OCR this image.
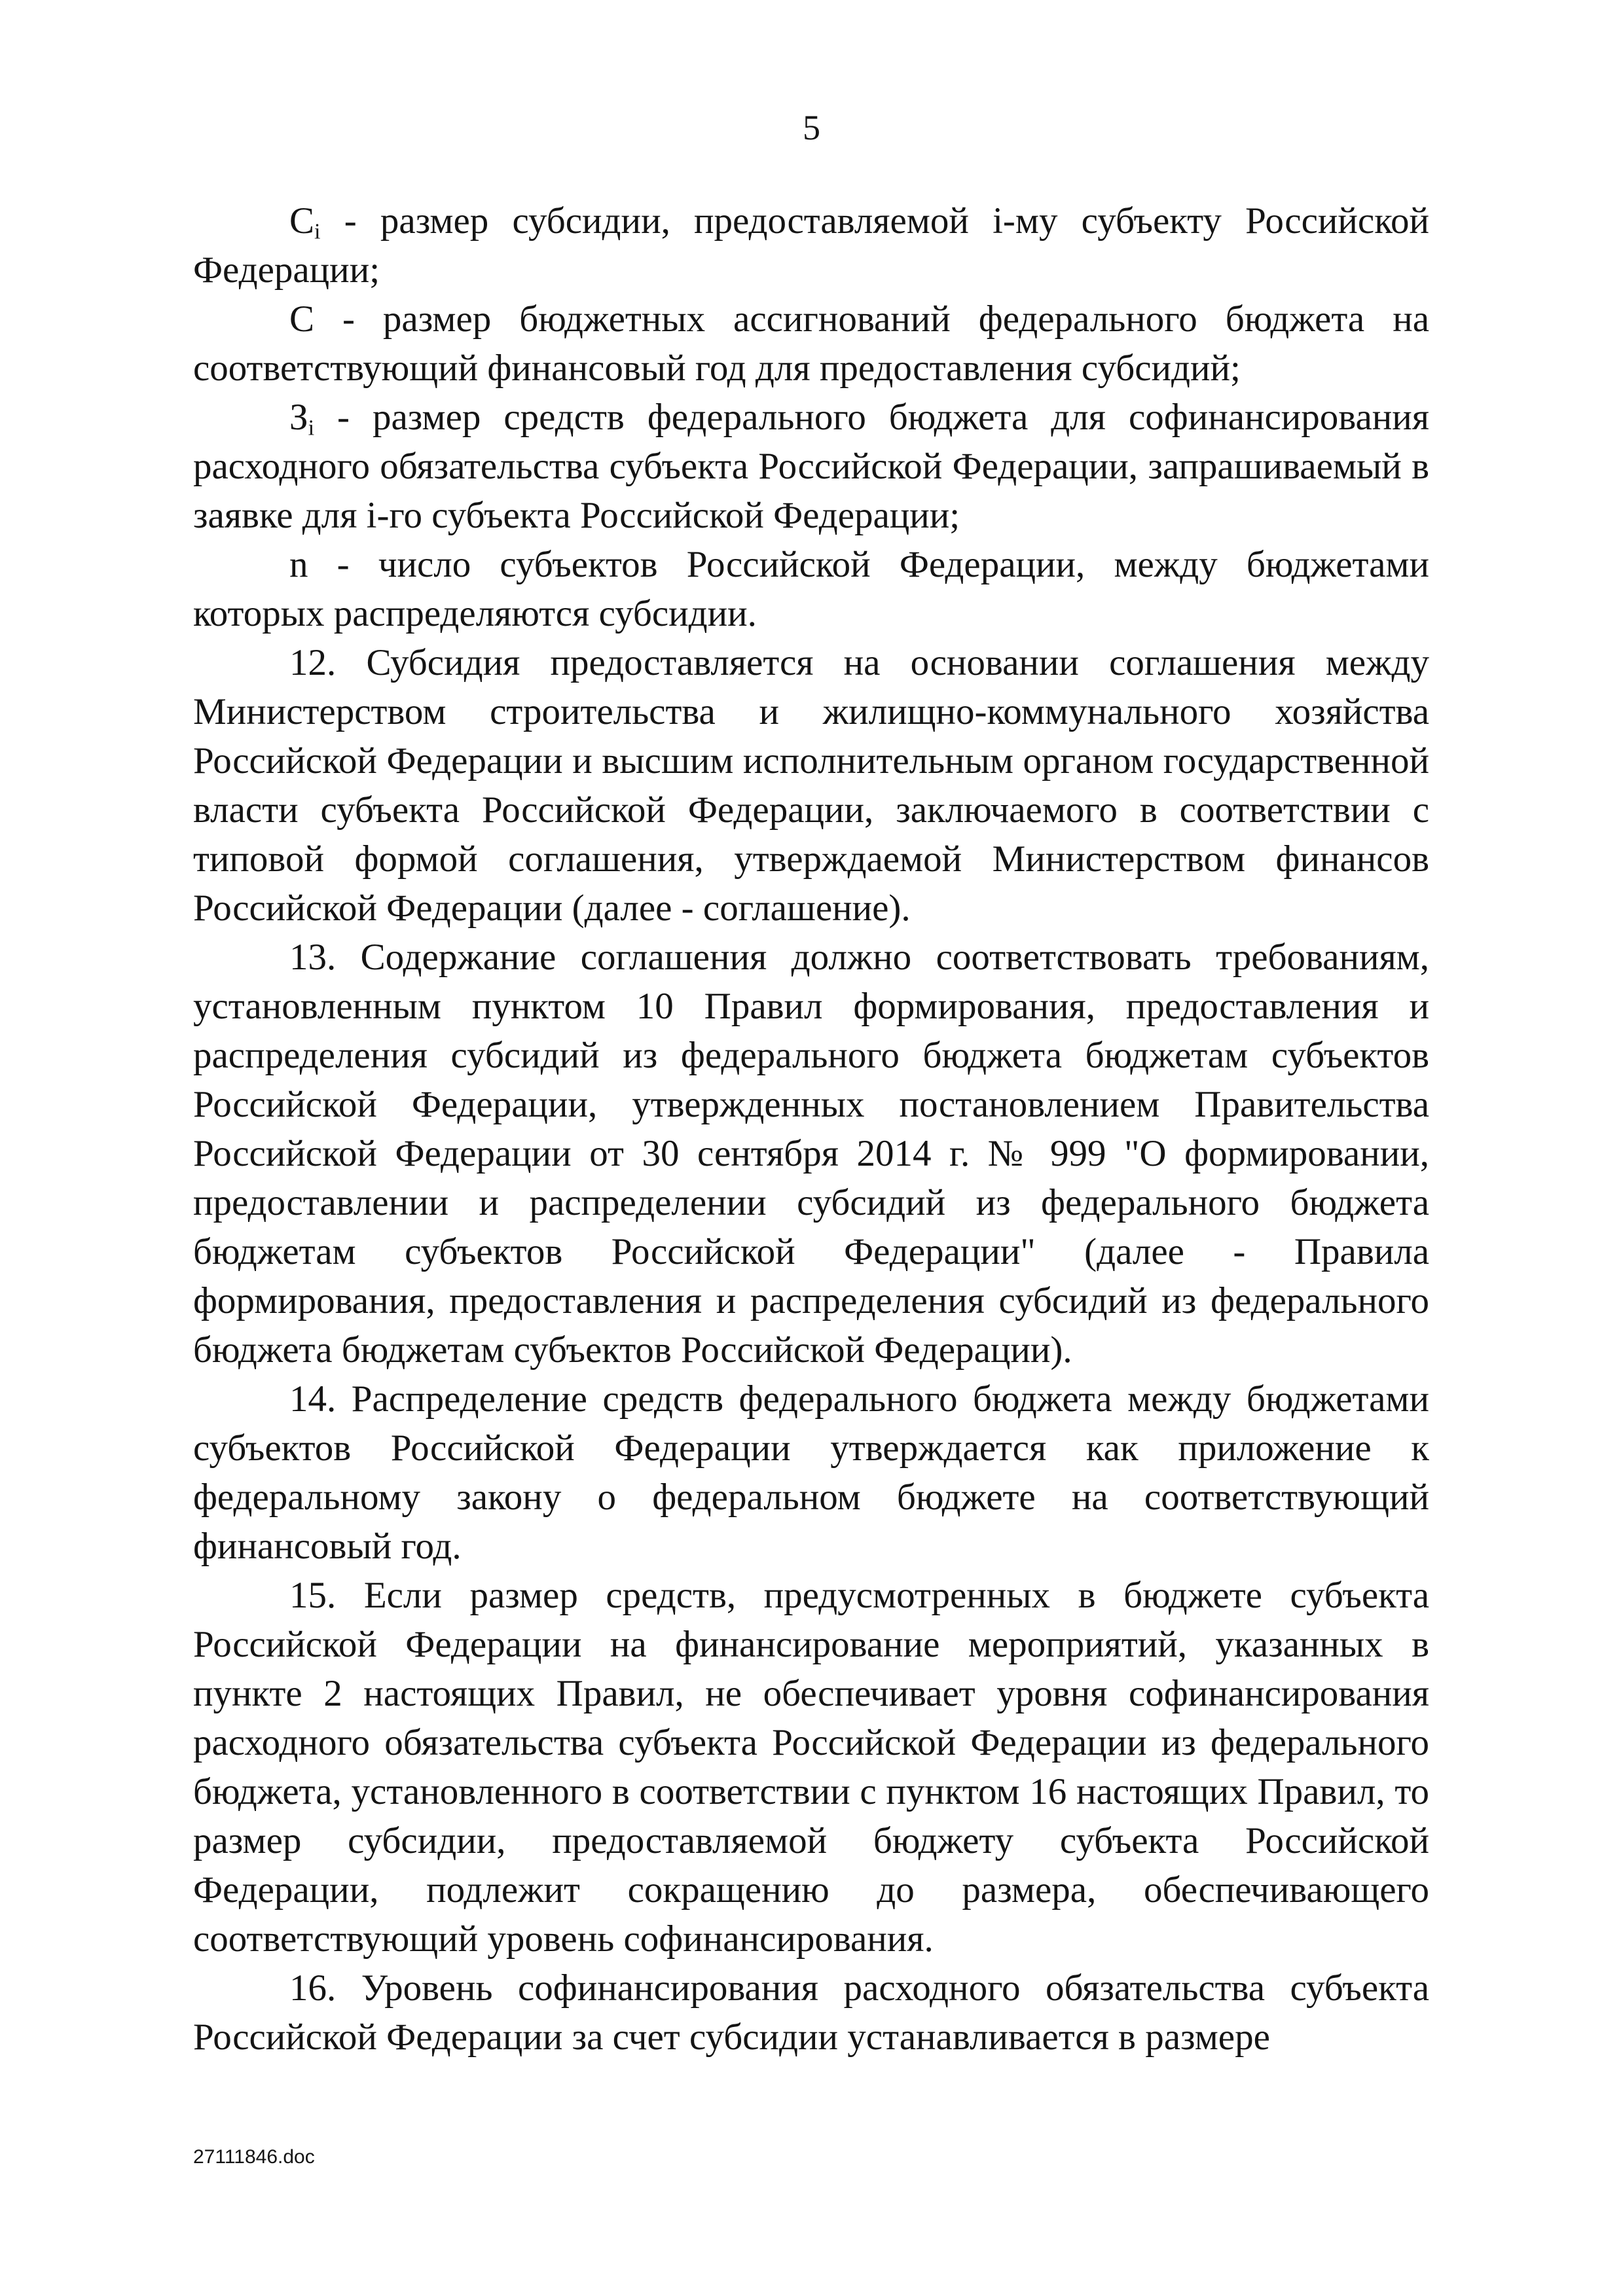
5

$C_i$ - размер субсидии, предоставляемой i-му субъекту Российской Федерации;

C - размер бюджетных ассигнований федерального бюджета на соответствующий финансовый год для предоставления субсидий;

$З_i$ - размер средств федерального бюджета для софинансирования расходного обязательства субъекта Российской Федерации, запрашиваемый в заявке для i-го субъекта Российской Федерации;

n - число субъектов Российской Федерации, между бюджетами которых распределяются субсидии.

12. Субсидия предоставляется на основании соглашения между Министерством строительства и жилищно-коммунального хозяйства Российской Федерации и высшим исполнительным органом государственной власти субъекта Российской Федерации, заключаемого в соответствии с типовой формой соглашения, утверждаемой Министерством финансов Российской Федерации (далее - соглашение).

13. Содержание соглашения должно соответствовать требованиям, установленным пунктом 10 Правил формирования, предоставления и распределения субсидий из федерального бюджета бюджетам субъектов Российской Федерации, утвержденных постановлением Правительства Российской Федерации от 30 сентября 2014 г. № 999 "О формировании, предоставлении и распределении субсидий из федерального бюджета бюджетам субъектов Российской Федерации" (далее - Правила формирования, предоставления и распределения субсидий из федерального бюджета бюджетам субъектов Российской Федерации).

14. Распределение средств федерального бюджета между бюджетами субъектов Российской Федерации утверждается как приложение к федеральному закону о федеральном бюджете на соответствующий финансовый год.

15. Если размер средств, предусмотренных в бюджете субъекта Российской Федерации на финансирование мероприятий, указанных в пункте 2 настоящих Правил, не обеспечивает уровня софинансирования расходного обязательства субъекта Российской Федерации из федерального бюджета, установленного в соответствии с пунктом 16 настоящих Правил, то размер субсидии, предоставляемой бюджету субъекта Российской Федерации, подлежит сокращению до размера, обеспечивающего соответствующий уровень софинансирования.

16. Уровень софинансирования расходного обязательства субъекта Российской Федерации за счет субсидии устанавливается в размере

27111846.doc
